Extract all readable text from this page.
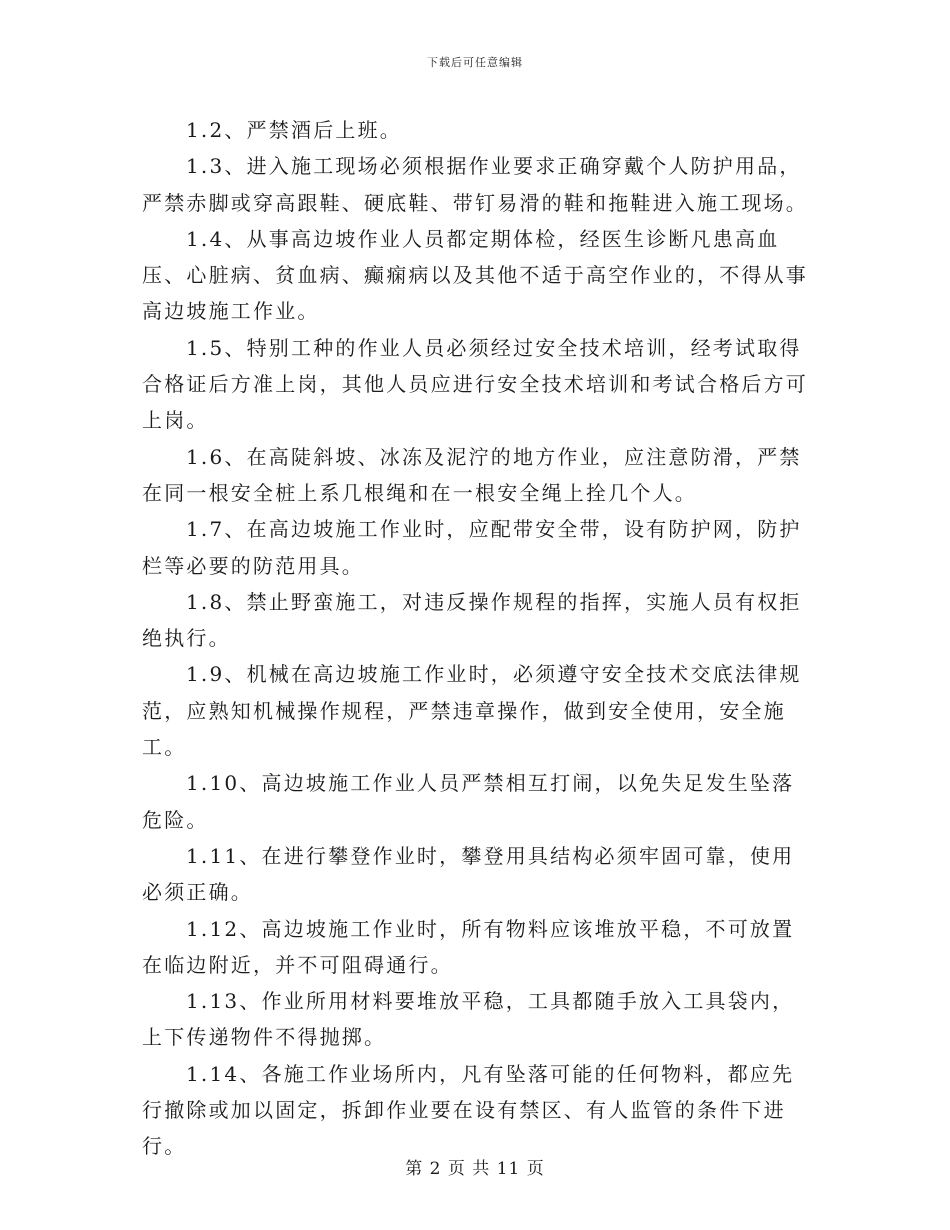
下载后可任意编辑

1.2、严禁酒后上班。

1.3、进入施工现场必须根据作业要求正确穿戴个人防护用品，严禁赤脚或穿高跟鞋、硬底鞋、带钉易滑的鞋和拖鞋进入施工现场。

1.4、从事高边坡作业人员都定期体检，经医生诊断凡患高血压、心脏病、贫血病、癫痫病以及其他不适于高空作业的，不得从事高边坡施工作业。

1.5、特别工种的作业人员必须经过安全技术培训，经考试取得合格证后方准上岗，其他人员应进行安全技术培训和考试合格后方可上岗。

1.6、在高陡斜坡、冰冻及泥泞的地方作业，应注意防滑，严禁在同一根安全桩上系几根绳和在一根安全绳上拴几个人。

1.7、在高边坡施工作业时，应配带安全带，设有防护网，防护栏等必要的防范用具。

1.8、禁止野蛮施工，对违反操作规程的指挥，实施人员有权拒绝执行。

1.9、机械在高边坡施工作业时，必须遵守安全技术交底法律规范，应熟知机械操作规程，严禁违章操作，做到安全使用，安全施工。

1.10、高边坡施工作业人员严禁相互打闹，以免失足发生坠落危险。

1.11、在进行攀登作业时，攀登用具结构必须牢固可靠，使用必须正确。

1.12、高边坡施工作业时，所有物料应该堆放平稳，不可放置在临边附近，并不可阻碍通行。

1.13、作业所用材料要堆放平稳，工具都随手放入工具袋内，上下传递物件不得抛掷。

1.14、各施工作业场所内，凡有坠落可能的任何物料，都应先行撤除或加以固定，拆卸作业要在设有禁区、有人监管的条件下进行。

第 2 页 共 11 页
